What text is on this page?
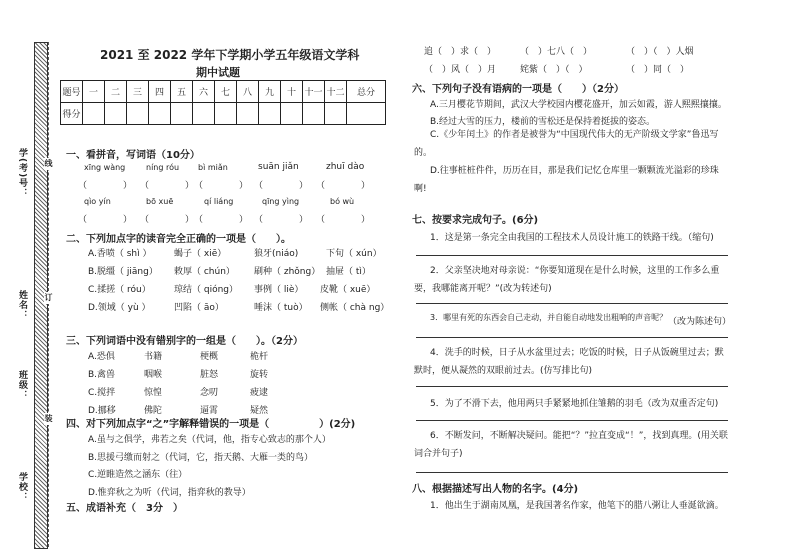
线
订
装
学(考)号：
姓名：
班级：
学校：
2021 至 2022 学年下学期小学五年级语文学科
期中试题
题号	一	二	三	四	五	六	七	八	九	十	十一	十二	总分
得分													
一、看拼音，写词语（10分）
xīng wàng	níng róu bì miǎn	suān jiǎn	zhuī dào
（　　　　） （　　　　） （　　　　） （　　　　） （　　　　）
qìo yín	bō xuē	qí liáng	qīng yìng	bó wù
（　　　　） （　　　　） （　　　　） （　　　　） （　　　　）
二、下列加点字的读音完全正确的一项是（　　）。
A.香喷（ shì ）	蝎子（ xiē）	狼牙(niáo)	下旬（ xún）
B.脱缰（ jiāng） 敕厚（ chún） 刷种（ zhǒng） 抽屉（ tì）
C.揉搓（ róu）	琼结（ qióng） 事例（ liè） 皮靴（ xuē）
D.领域（ yù ）	凹陷（ āo）	唾沫（ tuò） 侧帐（ chà ng）
三、下列词语中没有错别字的一组是（　　）。（2分）
A.恐俱	书籍	梗概	桅杆
B.禽兽	咽喉	脏怒	旋转
C.搅拌	惊惶	念叨	疲逮
D.挪移	佛陀	逼霄	疑然
四、对下列加点字“之”字解释错误的一项是（　　　　　）(2分)
A.虽与之俱学，弗若之矣（代词，他，指专心致志的那个人）
B.思援弓缴而射之（代词，它，指天鹅、大雁一类的鸟）
C.逆睢造然之涵东（往）
D.惟弈秋之为听（代词，指弈秋的教导）
五、成语补充（　3分　）
追（　）求（　）	（　）七八（　）	（　）（　）人烟
（　）风（　）月	姹紫（　）（　）	（　）同（　）
六、下列句子没有语病的一项是（　　）（2分）
A.三月樱花节期间，武汉大学校园内樱花盛开，加云如霞，游人熙熙攘攘。
B.经过大雪的压力，楼前的雪松还是保持着挺拔的姿态。
C.《少年闰土》的作者是被誉为“中国现代伟大的无产阶级文学家”鲁迅写的。
D.往事桩桩件件，历历在目，那是我们记忆仓库里一颗颗流光溢彩的珍珠啊!
七、按要求完成句子。(6分)
1．这是第一条完全由我国的工程技术人员设计施工的铁路干线。（缩句)
2．父亲坚决地对母亲说：“你要知道现在是什么时候，这里的工作多么重要，我哪能离开呢？”(改为转述句)
3．哪里有死的东西会自己走动，并自能自动地发出粗响的声音呢？ （改为陈述句）
4．洗手的时候，日子从水盆里过去；吃饭的时候，日子从饭碗里过去；默默时，便从凝然的双眼前过去。(仿写排比句)
5．为了不滑下去，他用两只手紧紧地抓住雏鹅的羽毛（改为双重否定句)
6．不断发问，不断解决疑问。能把“？”拉直变成“！”，找到真理。(用关联词合并句子)
八、根据描述写出人物的名字。(4分)
1．他出生于湖南凤凰，是我国著名作家，他笔下的腊八粥让人垂涎欲滴。
